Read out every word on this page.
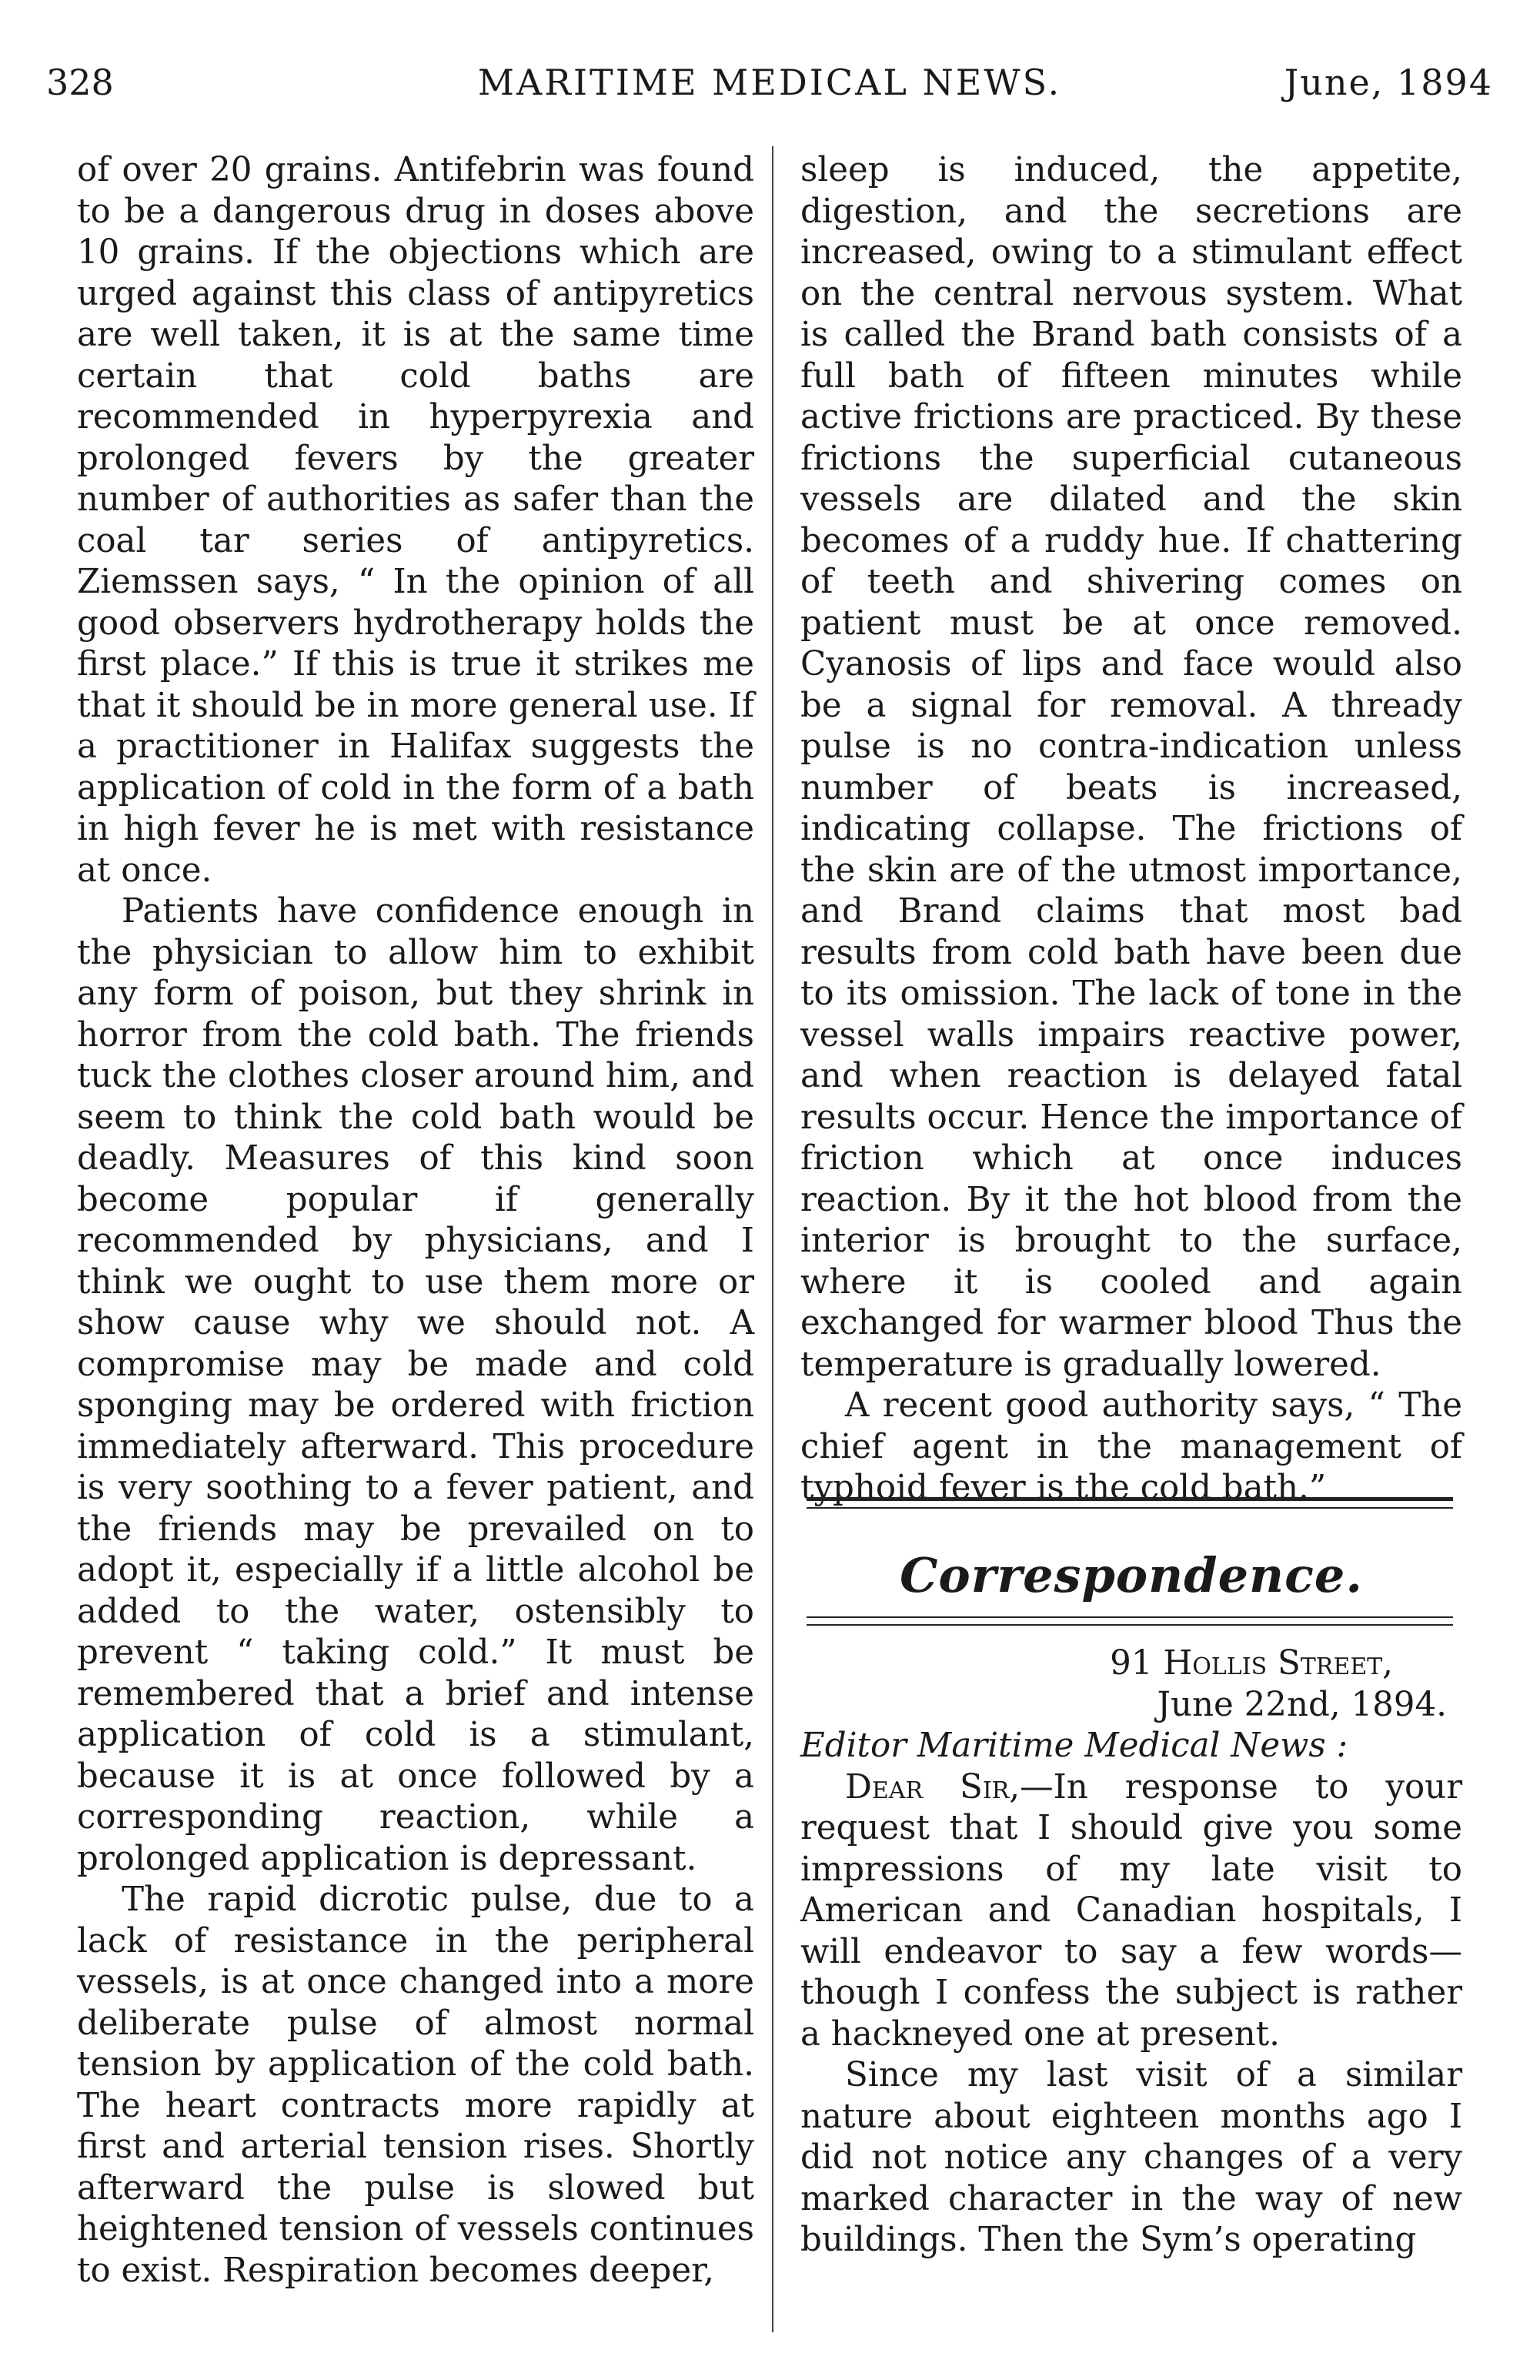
328	MARITIME MEDICAL NEWS.	June, 1894

of over 20 grains. Antifebrin was found to be a dangerous drug in doses above 10 grains. If the objections which are urged against this class of antipyretics are well taken, it is at the same time certain that cold baths are recommended in hyperpyrexia and prolonged fevers by the greater number of authorities as safer than the coal tar series of antipyretics. Ziemssen says, “ In the opinion of all good observers hydrotherapy holds the first place.” If this is true it strikes me that it should be in more general use. If a practitioner in Halifax suggests the application of cold in the form of a bath in high fever he is met with resistance at once.

Patients have confidence enough in the physician to allow him to exhibit any form of poison, but they shrink in horror from the cold bath. The friends tuck the clothes closer around him, and seem to think the cold bath would be deadly. Measures of this kind soon become popular if generally recommended by physicians, and I think we ought to use them more or show cause why we should not. A compromise may be made and cold sponging may be ordered with friction immediately afterward. This procedure is very soothing to a fever patient, and the friends may be prevailed on to adopt it, especially if a little alcohol be added to the water, ostensibly to prevent “ taking cold.” It must be remembered that a brief and intense application of cold is a stimulant, because it is at once followed by a corresponding reaction, while a prolonged application is depressant.

The rapid dicrotic pulse, due to a lack of resistance in the peripheral vessels, is at once changed into a more deliberate pulse of almost normal tension by application of the cold bath. The heart contracts more rapidly at first and arterial tension rises. Shortly afterward the pulse is slowed but heightened tension of vessels continues to exist. Respiration becomes deeper,

sleep is induced, the appetite, digestion, and the secretions are increased, owing to a stimulant effect on the central nervous system. What is called the Brand bath consists of a full bath of fifteen minutes while active frictions are practiced. By these frictions the superficial cutaneous vessels are dilated and the skin becomes of a ruddy hue. If chattering of teeth and shivering comes on patient must be at once removed. Cyanosis of lips and face would also be a signal for removal. A thready pulse is no contra-indication unless number of beats is increased, indicating collapse. The frictions of the skin are of the utmost importance, and Brand claims that most bad results from cold bath have been due to its omission. The lack of tone in the vessel walls impairs reactive power, and when reaction is delayed fatal results occur. Hence the importance of friction which at once induces reaction. By it the hot blood from the interior is brought to the surface, where it is cooled and again exchanged for warmer blood Thus the temperature is gradually lowered.

A recent good authority says, “ The chief agent in the management of typhoid fever is the cold bath.”

Correspondence.

91 Hollis Street,

June 22nd, 1894.

Editor Maritime Medical News :

Dear Sir,—In response to your request that I should give you some impressions of my late visit to American and Canadian hospitals, I will endeavor to say a few words—though I confess the subject is rather a hackneyed one at present.

Since my last visit of a similar nature about eighteen months ago I did not notice any changes of a very marked character in the way of new buildings. Then the Sym’s operating
